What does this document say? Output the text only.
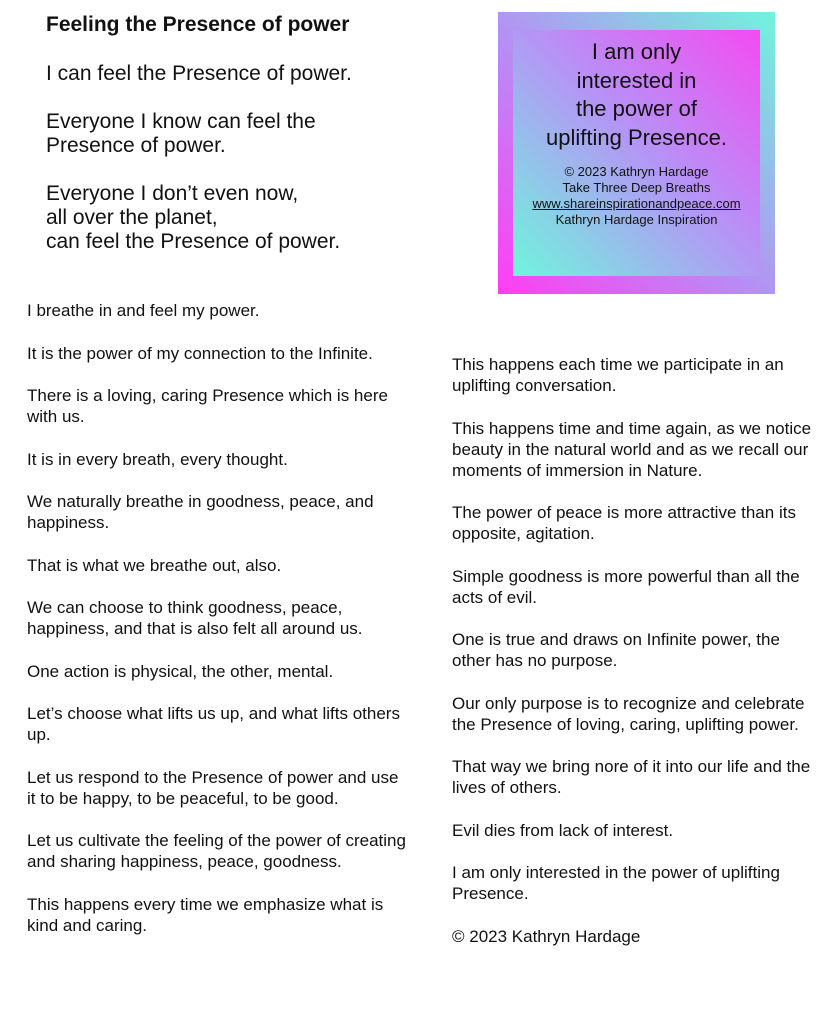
Feeling the Presence of power

I can feel the Presence of power.

Everyone I know can feel the

Presence of power.

Everyone I don’t even now,

all over the planet,

can feel the Presence of power.

I am only
interested in
the power of
uplifting Presence.
© 2023 Kathryn Hardage
Take Three Deep Breaths
www.shareinspirationandpeace.com
Kathryn Hardage Inspiration

I breathe in and feel my power.

It is the power of my connection to the Infinite.

There is a loving, caring Presence which is here with us.

It is in every breath, every thought.

We naturally breathe in goodness, peace, and happiness.

That is what we breathe out, also.

We can choose to think goodness, peace, happiness, and that is also felt all around us.

One action is physical, the other, mental.

Let’s choose what lifts us up, and what lifts others up.

Let us respond to the Presence of power and use it to be happy, to be peaceful, to be good.

Let us cultivate the feeling of the power of creating and sharing happiness, peace, goodness.

This happens every time we emphasize what is kind and caring.

This happens each time we participate in an uplifting conversation.

This happens time and time again, as we notice beauty in the natural world and as we recall our moments of immersion in Nature.

The power of peace is more attractive than its opposite, agitation.

Simple goodness is more powerful than all the acts of evil.

One is true and draws on Infinite power, the other has no purpose.

Our only purpose is to recognize and celebrate the Presence of loving, caring, uplifting power.

That way we bring nore of it into our life and the lives of others.

Evil dies from lack of interest.

I am only interested in the power of uplifting Presence.

© 2023 Kathryn Hardage
